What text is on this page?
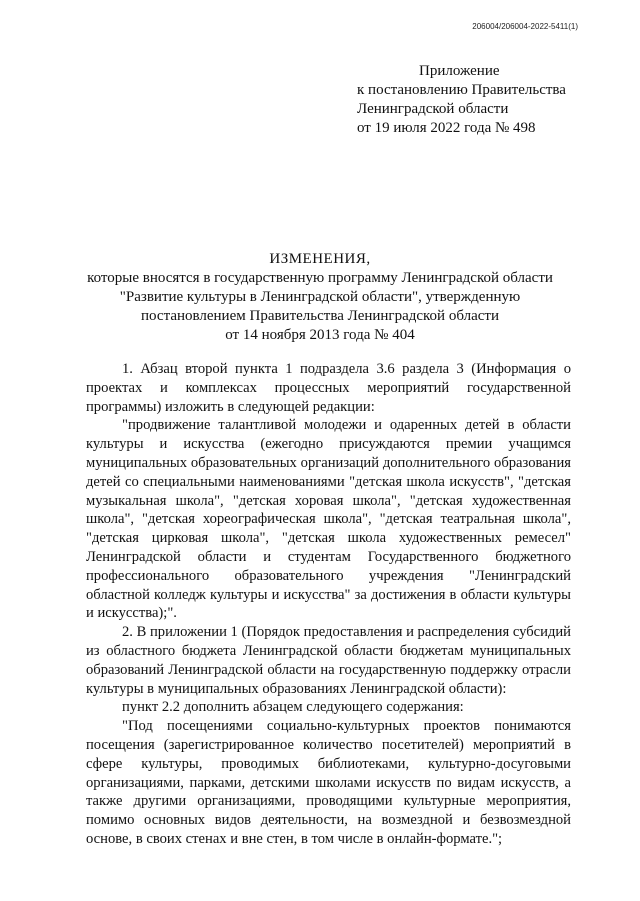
206004/206004-2022-5411(1)
Приложение
к постановлению Правительства
Ленинградской области
от 19 июля 2022 года № 498
ИЗМЕНЕНИЯ,
которые вносятся в государственную программу Ленинградской области
"Развитие культуры в Ленинградской области", утвержденную
постановлением Правительства Ленинградской области
от 14 ноября 2013 года № 404

1. Абзац второй пункта 1 подраздела 3.6 раздела 3 (Информация о проектах и комплексах процессных мероприятий государственной программы) изложить в следующей редакции:

"продвижение талантливой молодежи и одаренных детей в области культуры и искусства (ежегодно присуждаются премии учащимся муниципальных образовательных организаций дополнительного образования детей со специальными наименованиями "детская школа искусств", "детская музыкальная школа", "детская хоровая школа", "детская художественная школа", "детская хореографическая школа", "детская театральная школа", "детская цирковая школа", "детская школа художественных ремесел" Ленинградской области и студентам Государственного бюджетного профессионального образовательного учреждения "Ленинградский областной колледж культуры и искусства" за достижения в области культуры и искусства);".

2. В приложении 1 (Порядок предоставления и распределения субсидий из областного бюджета Ленинградской области бюджетам муниципальных образований Ленинградской области на государственную поддержку отрасли культуры в муниципальных образованиях Ленинградской области):

пункт 2.2 дополнить абзацем следующего содержания:

"Под посещениями социально-культурных проектов понимаются посещения (зарегистрированное количество посетителей) мероприятий в сфере культуры, проводимых библиотеками, культурно-досуговыми организациями, парками, детскими школами искусств по видам искусств, а также другими организациями, проводящими культурные мероприятия, помимо основных видов деятельности, на возмездной и безвозмездной основе, в своих стенах и вне стен, в том числе в онлайн-формате.";
